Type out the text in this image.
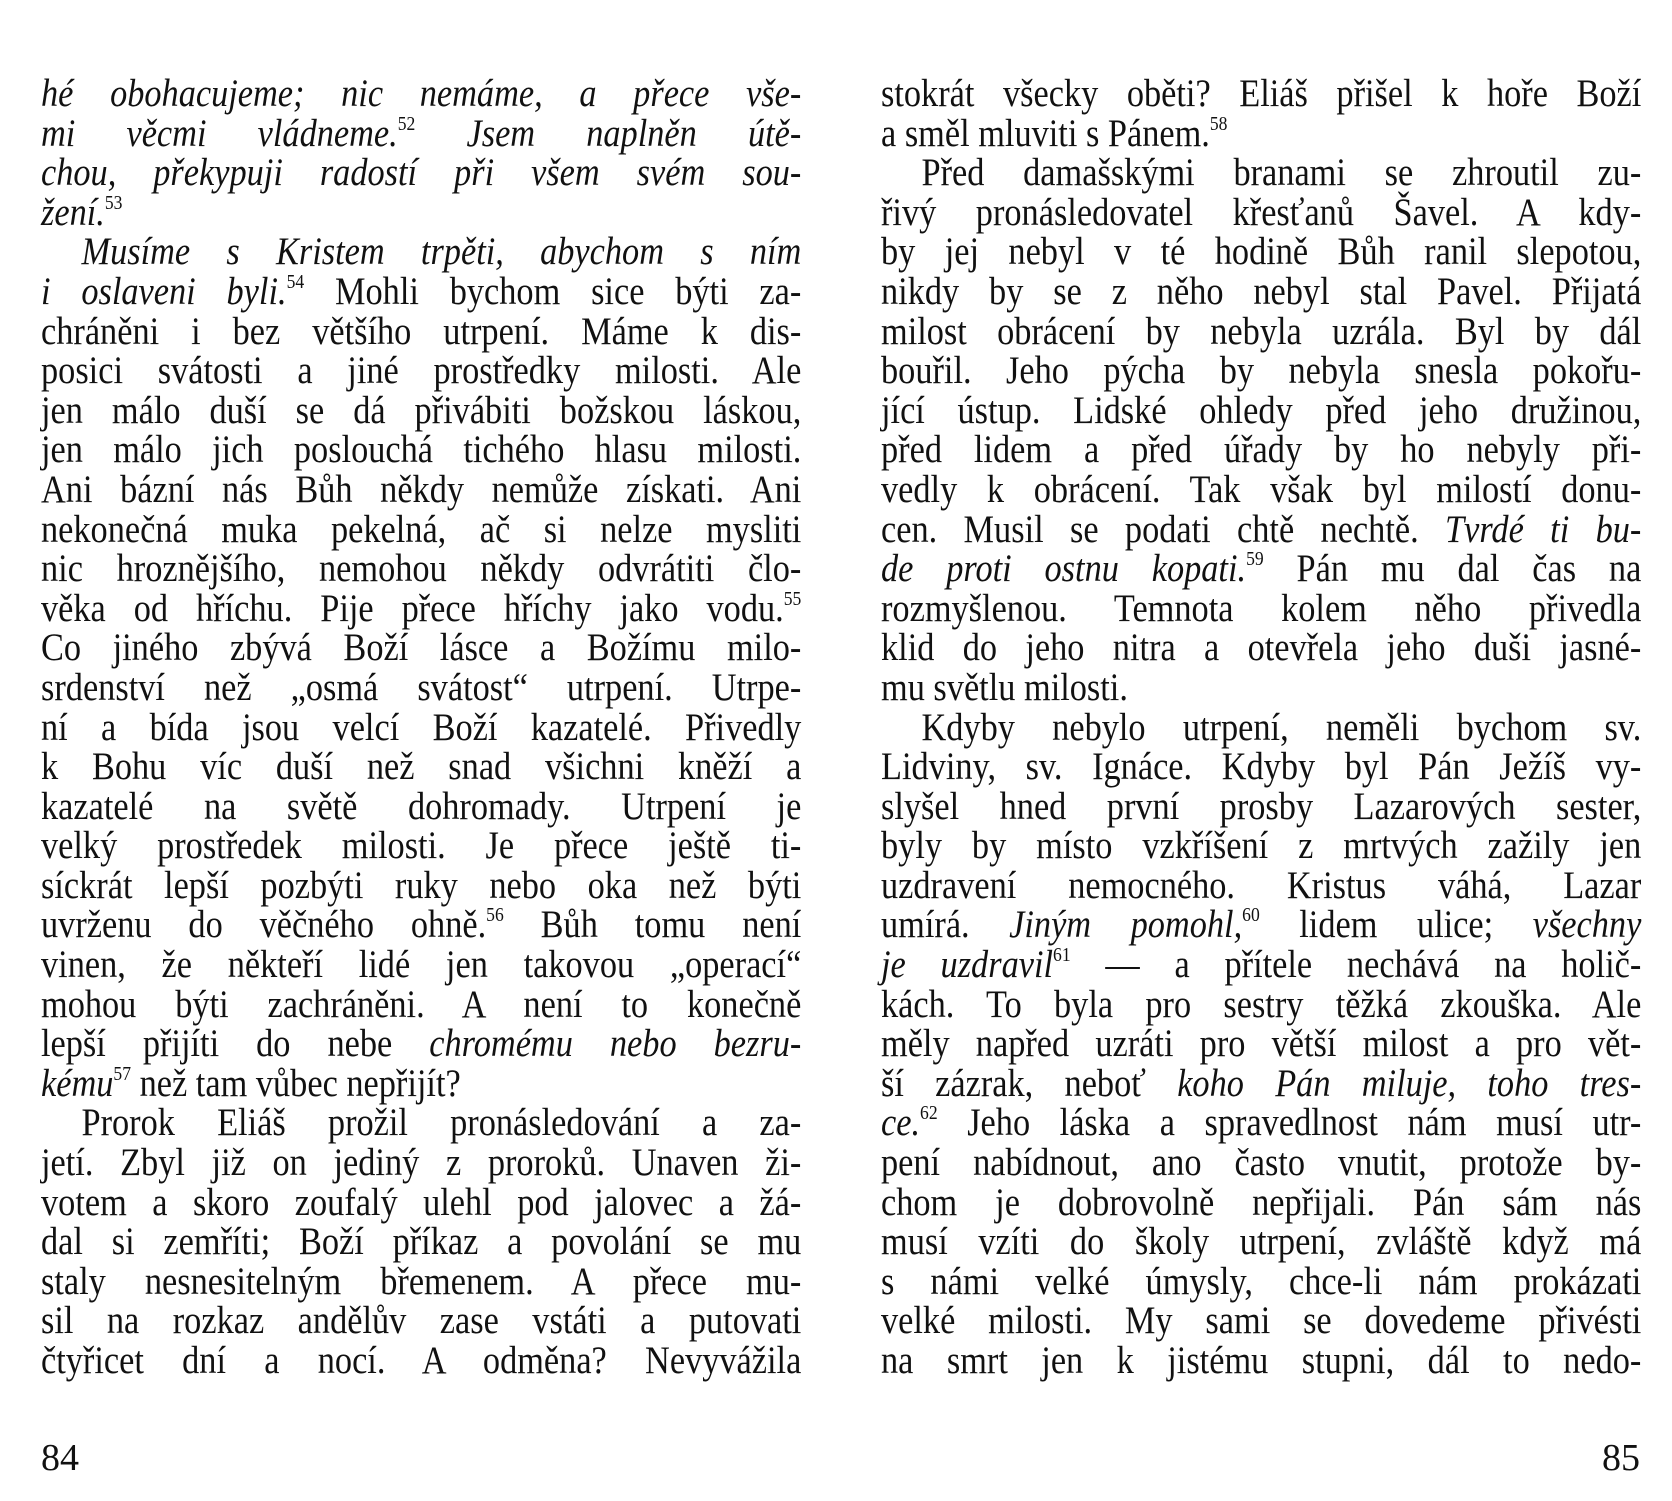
hé obohacujeme; nic nemáme, a přece vše-
mi věcmi vládneme.$^{52}$ Jsem naplněn útě-
chou, překypuji radostí při všem svém sou-
žení.$^{53}$
Musíme s Kristem trpěti, abychom s ním
i oslaveni byli.$^{54}$ Mohli bychom sice býti za-
chráněni i bez většího utrpení. Máme k dis-
posici svátosti a jiné prostředky milosti. Ale
jen málo duší se dá přivábiti božskou láskou,
jen málo jich poslouchá tichého hlasu milosti.
Ani bázní nás Bůh někdy nemůže získati. Ani
nekonečná muka pekelná, ač si nelze mysliti
nic hroznějšího, nemohou někdy odvrátiti člo-
věka od hříchu. Pije přece hříchy jako vodu.$^{55}$
Co jiného zbývá Boží lásce a Božímu milo-
srdenství než „osmá svátost“ utrpení. Utrpe-
ní a bída jsou velcí Boží kazatelé. Přivedly
k Bohu víc duší než snad všichni kněží a
kazatelé na světě dohromady. Utrpení je
velký prostředek milosti. Je přece ještě ti-
síckrát lepší pozbýti ruky nebo oka než býti
uvrženu do věčného ohně.$^{56}$ Bůh tomu není
vinen, že někteří lidé jen takovou „operací“
mohou býti zachráněni. A není to konečně
lepší přijíti do nebe chromému nebo bezru-
kému$^{57}$ než tam vůbec nepřijít?
Prorok Eliáš prožil pronásledování a za-
jetí. Zbyl již on jediný z proroků. Unaven ži-
votem a skoro zoufalý ulehl pod jalovec a žá-
dal si zemříti; Boží příkaz a povolání se mu
staly nesnesitelným břemenem. A přece mu-
sil na rozkaz andělův zase vstáti a putovati
čtyřicet dní a nocí. A odměna? Nevyvážila
stokrát všecky oběti? Eliáš přišel k hoře Boží
a směl mluviti s Pánem.$^{58}$
Před damašskými branami se zhroutil zu-
řivý pronásledovatel křesťanů Šavel. A kdy-
by jej nebyl v té hodině Bůh ranil slepotou,
nikdy by se z něho nebyl stal Pavel. Přijatá
milost obrácení by nebyla uzrála. Byl by dál
bouřil. Jeho pýcha by nebyla snesla pokořu-
jící ústup. Lidské ohledy před jeho družinou,
před lidem a před úřady by ho nebyly při-
vedly k obrácení. Tak však byl milostí donu-
cen. Musil se podati chtě nechtě. Tvrdé ti bu-
de proti ostnu kopati.$^{59}$ Pán mu dal čas na
rozmyšlenou. Temnota kolem něho přivedla
klid do jeho nitra a otevřela jeho duši jasné-
mu světlu milosti.
Kdyby nebylo utrpení, neměli bychom sv.
Lidviny, sv. Ignáce. Kdyby byl Pán Ježíš vy-
slyšel hned první prosby Lazarových sester,
byly by místo vzkříšení z mrtvých zažily jen
uzdravení nemocného. Kristus váhá, Lazar
umírá. Jiným pomohl,$^{60}$ lidem ulice; všechny
je uzdravil$^{61}$ — a přítele nechává na holič-
kách. To byla pro sestry těžká zkouška. Ale
měly napřed uzráti pro větší milost a pro vět-
ší zázrak, neboť koho Pán miluje, toho tres-
ce.$^{62}$ Jeho láska a spravedlnost nám musí utr-
pení nabídnout, ano často vnutit, protože by-
chom je dobrovolně nepřijali. Pán sám nás
musí vzíti do školy utrpení, zvláště když má
s námi velké úmysly, chce-li nám prokázati
velké milosti. My sami se dovedeme přivésti
na smrt jen k jistému stupni, dál to nedo-
84	85
